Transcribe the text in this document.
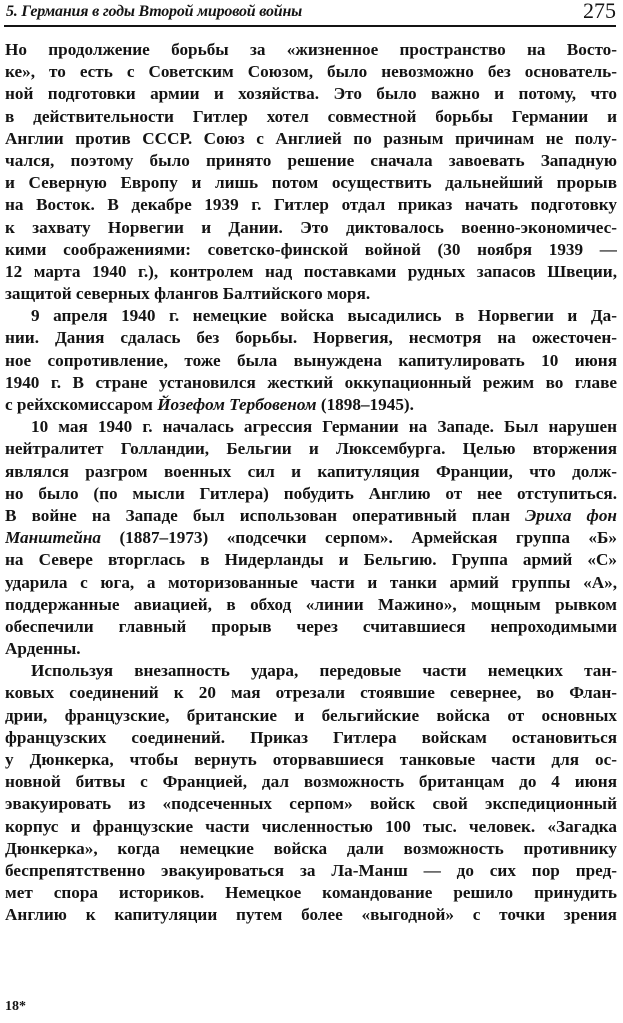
5. Германия в годы Второй мировой войны	275
Но продолжение борьбы за «жизненное пространство на Восто-
ке», то есть с Советским Союзом, было невозможно без основатель-
ной подготовки армии и хозяйства. Это было важно и потому, что
в действительности Гитлер хотел совместной борьбы Германии и
Англии против СССР. Союз с Англией по разным причинам не полу-
чался, поэтому было принято решение сначала завоевать Западную
и Северную Европу и лишь потом осуществить дальнейший прорыв
на Восток. В декабре 1939 г. Гитлер отдал приказ начать подготовку
к захвату Норвегии и Дании. Это диктовалось военно-экономичес-
кими соображениями: советско-финской войной (30 ноября 1939 —
12 марта 1940 г.), контролем над поставками рудных запасов Швеции,
защитой северных флангов Балтийского моря.
9 апреля 1940 г. немецкие войска высадились в Норвегии и Да-
нии. Дания сдалась без борьбы. Норвегия, несмотря на ожесточен-
ное сопротивление, тоже была вынуждена капитулировать 10 июня
1940 г. В стране установился жесткий оккупационный режим во главе
с рейхскомиссаром Йозефом Тербовеном (1898–1945).
10 мая 1940 г. началась агрессия Германии на Западе. Был нарушен
нейтралитет Голландии, Бельгии и Люксембурга. Целью вторжения
являлся разгром военных сил и капитуляция Франции, что долж-
но было (по мысли Гитлера) побудить Англию от нее отступиться.
В войне на Западе был использован оперативный план Эриха фон
Манштейна (1887–1973) «подсечки серпом». Армейская группа «Б»
на Севере вторглась в Нидерланды и Бельгию. Группа армий «С»
ударила с юга, а моторизованные части и танки армий группы «А»,
поддержанные авиацией, в обход «линии Мажино», мощным рывком
обеспечили главный прорыв через считавшиеся непроходимыми
Арденны.
Используя внезапность удара, передовые части немецких тан-
ковых соединений к 20 мая отрезали стоявшие севернее, во Флан-
дрии, французские, британские и бельгийские войска от основных
французских соединений. Приказ Гитлера войскам остановиться
у Дюнкерка, чтобы вернуть оторвавшиеся танковые части для ос-
новной битвы с Францией, дал возможность британцам до 4 июня
эвакуировать из «подсеченных серпом» войск свой экспедиционный
корпус и французские части численностью 100 тыс. человек. «Загадка
Дюнкерка», когда немецкие войска дали возможность противнику
беспрепятственно эвакуироваться за Ла-Манш — до сих пор пред-
мет спора историков. Немецкое командование решило принудить
Англию к капитуляции путем более «выгодной» с точки зрения
18*
